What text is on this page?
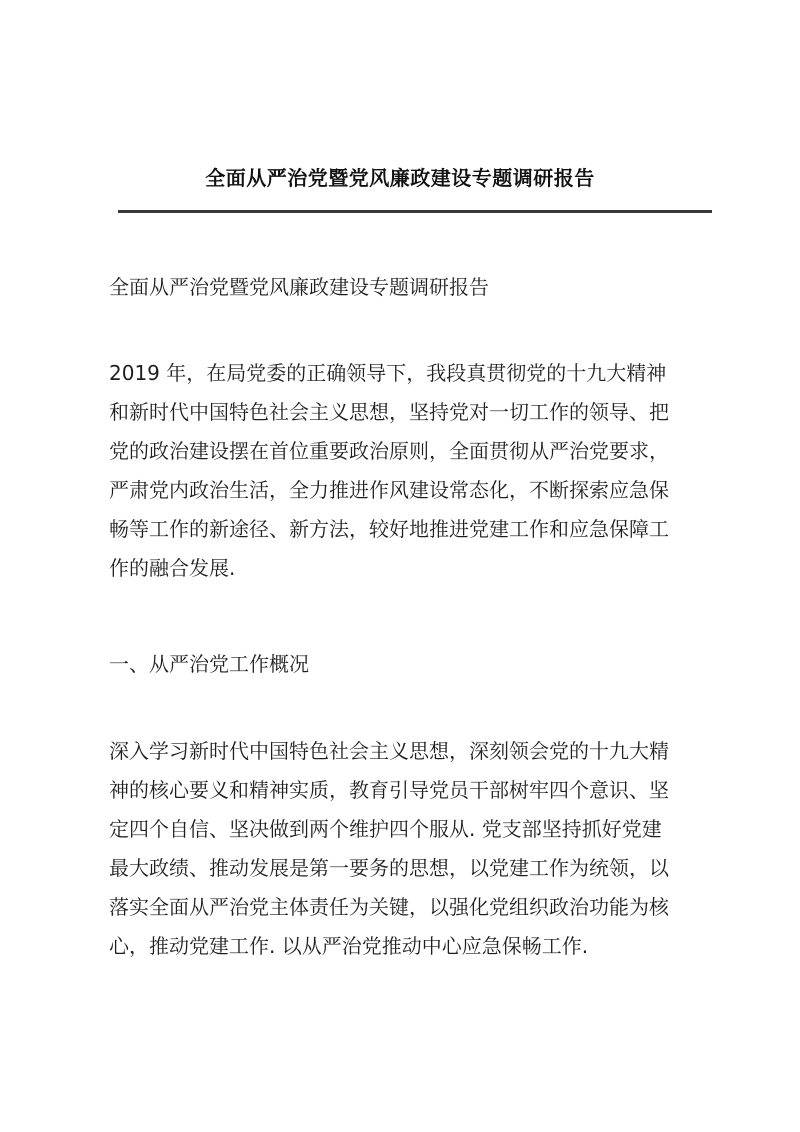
全面从严治党暨党风廉政建设专题调研报告
全面从严治党暨党风廉政建设专题调研报告
2019 年，在局党委的正确领导下，我段真贯彻党的十九大精神
和新时代中国特色社会主义思想，坚持党对一切工作的领导、把
党的政治建设摆在首位重要政治原则，全面贯彻从严治党要求，
严肃党内政治生活，全力推进作风建设常态化，不断探索应急保
畅等工作的新途径、新方法，较好地推进党建工作和应急保障工
作的融合发展.
一、从严治党工作概况
深入学习新时代中国特色社会主义思想，深刻领会党的十九大精
神的核心要义和精神实质，教育引导党员干部树牢四个意识、坚
定四个自信、坚决做到两个维护四个服从. 党支部坚持抓好党建
最大政绩、推动发展是第一要务的思想，以党建工作为统领，以
落实全面从严治党主体责任为关键，以强化党组织政治功能为核
心，推动党建工作. 以从严治党推动中心应急保畅工作.
